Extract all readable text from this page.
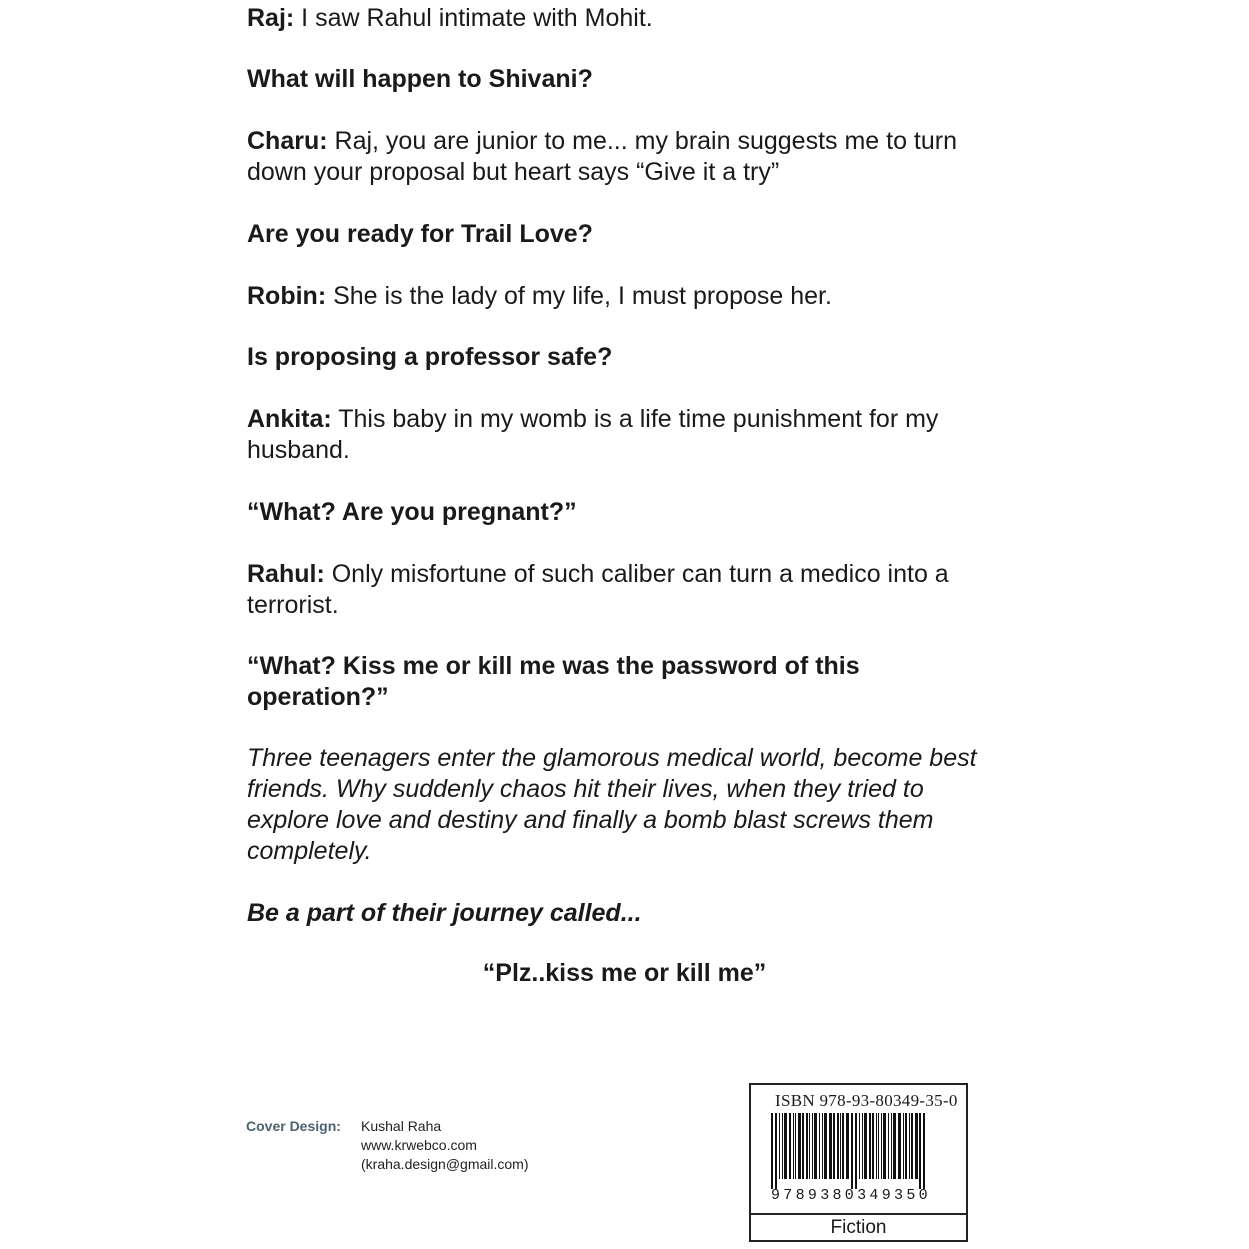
Raj: I saw Rahul intimate with Mohit.

What will happen to Shivani?

Charu: Raj, you are junior to me... my brain suggests me to turn down your proposal but heart says “Give it a try”

Are you ready for Trail Love?

Robin: She is the lady of my life, I must propose her.

Is proposing a professor safe?

Ankita: This baby in my womb is a life time punishment for my husband.

“What? Are you pregnant?”

Rahul: Only misfortune of such caliber can turn a medico into a terrorist.

“What? Kiss me or kill me was the password of this operation?”

Three teenagers enter the glamorous medical world, become best friends. Why suddenly chaos hit their lives, when they tried to explore love and destiny and finally a bomb blast screws them completely.

Be a part of their journey called...

“Plz..kiss me or kill me”

Cover Design: Kushal Raha
www.krwebco.com
(kraha.design@gmail.com)
ISBN 978-93-80349-35-0
9789380349350
Fiction
